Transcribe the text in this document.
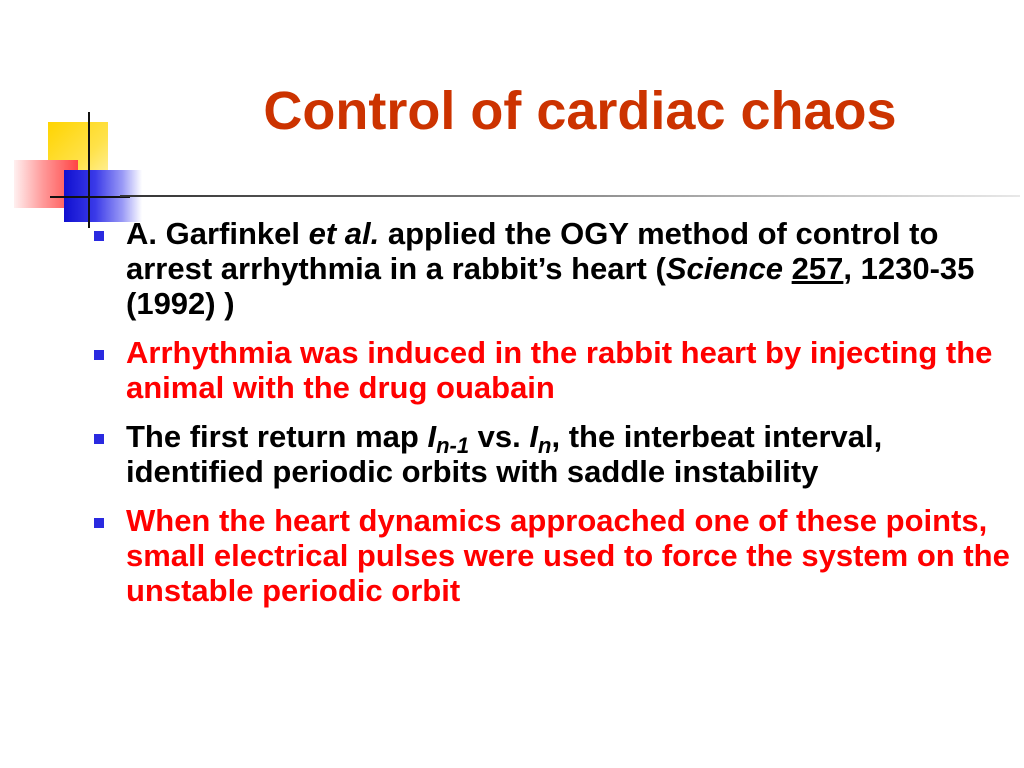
Control of cardiac chaos
A. Garfinkel et al. applied the OGY method of control to arrest arrhythmia in a rabbit’s heart (Science 257, 1230-35 (1992) )
Arrhythmia was induced in the rabbit heart by injecting the animal with the drug ouabain
The first return map $I_{n-1}$ vs. $I_n$, the interbeat interval, identified periodic orbits with saddle instability
When the heart dynamics approached one of these points, small electrical pulses were used to force the system on the unstable periodic orbit
